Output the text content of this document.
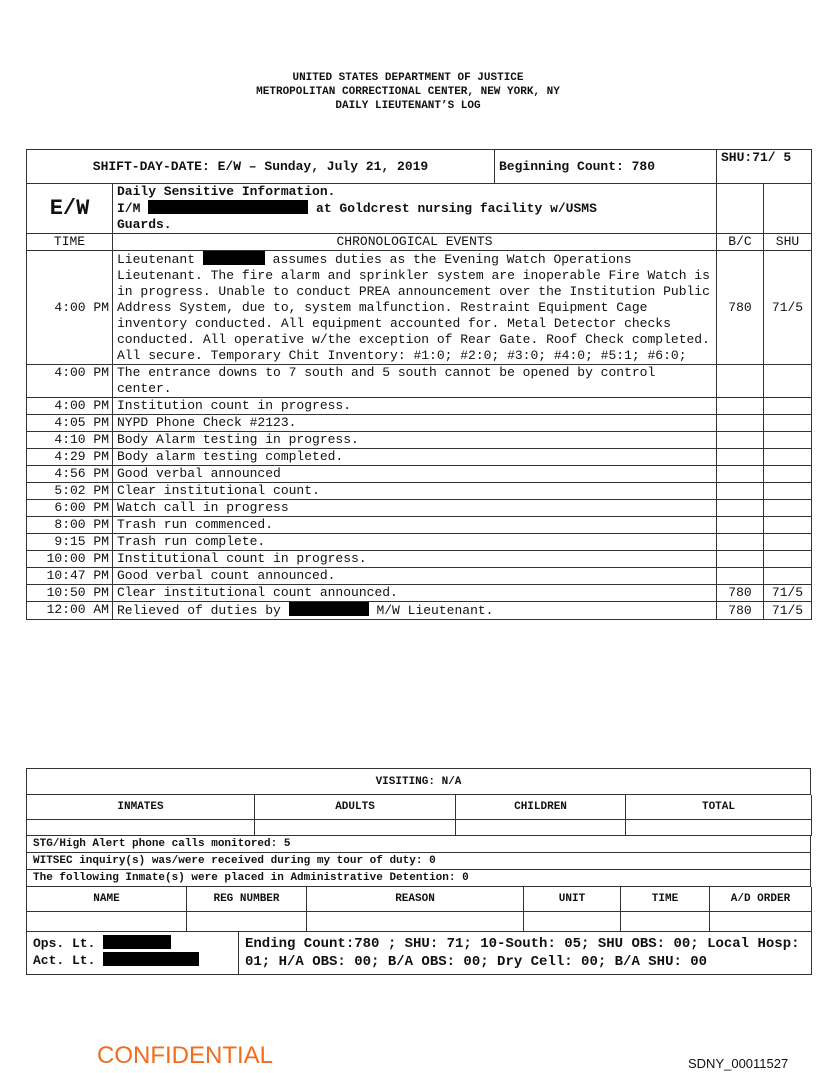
UNITED STATES DEPARTMENT OF JUSTICE
METROPOLITAN CORRECTIONAL CENTER, NEW YORK, NY
DAILY LIEUTENANT’S LOG
SHIFT-DAY-DATE: E/W – Sunday, July 21, 2019		Beginning Count: 780	SHU:71/ 5	
E/W	Daily Sensitive Information.
I/M at Goldcrest nursing facility w/USMS
Guards.			

TIME	CHRONOLOGICAL EVENTS		B/C	SHU
4:00 PM	Lieutenant assumes duties as the Evening Watch Operations Lieutenant. The fire alarm and sprinkler system are inoperable Fire Watch is in progress. Unable to conduct PREA announcement over the Institution Public Address System, due to, system malfunction. Restraint Equipment Cage inventory conducted. All equipment accounted for. Metal Detector checks conducted. All operative w/the exception of Rear Gate. Roof Check completed. All secure. Temporary Chit Inventory: #1:0; #2:0; #3:0; #4:0; #5:1; #6:0;		780	71/5
4:00 PM	The entrance downs to 7 south and 5 south cannot be opened by control center.			
4:00 PM	Institution count in progress.			
4:05 PM	NYPD Phone Check #2123.			
4:10 PM	Body Alarm testing in progress.			
4:29 PM	Body alarm testing completed.			
4:56 PM	Good verbal announced			
5:02 PM	Clear institutional count.			
6:00 PM	Watch call in progress			
8:00 PM	Trash run commenced.			
9:15 PM	Trash run complete.			
10:00 PM	Institutional count in progress.			
10:47 PM	Good verbal count announced.			
10:50 PM	Clear institutional count announced.		780	71/5
12:00 AM	Relieved of duties by M/W Lieutenant.		780	71/5
VISITING: N/A
INMATES	ADULTS	CHILDREN	TOTAL

STG/High Alert phone calls monitored: 5
WITSEC inquiry(s) was/were received during my tour of duty: 0
The following Inmate(s) were placed in Administrative Detention: 0
NAME	REG NUMBER	REASON	UNIT	TIME	A/D ORDER

Ops. Lt.
Act. Lt.
	Ending Count:780 ; SHU: 71; 10-South: 05; SHU OBS: 00; Local Hosp: 01; H/A OBS: 00; B/A OBS: 00; Dry Cell: 00; B/A SHU: 00
CONFIDENTIAL	SDNY_00011527
